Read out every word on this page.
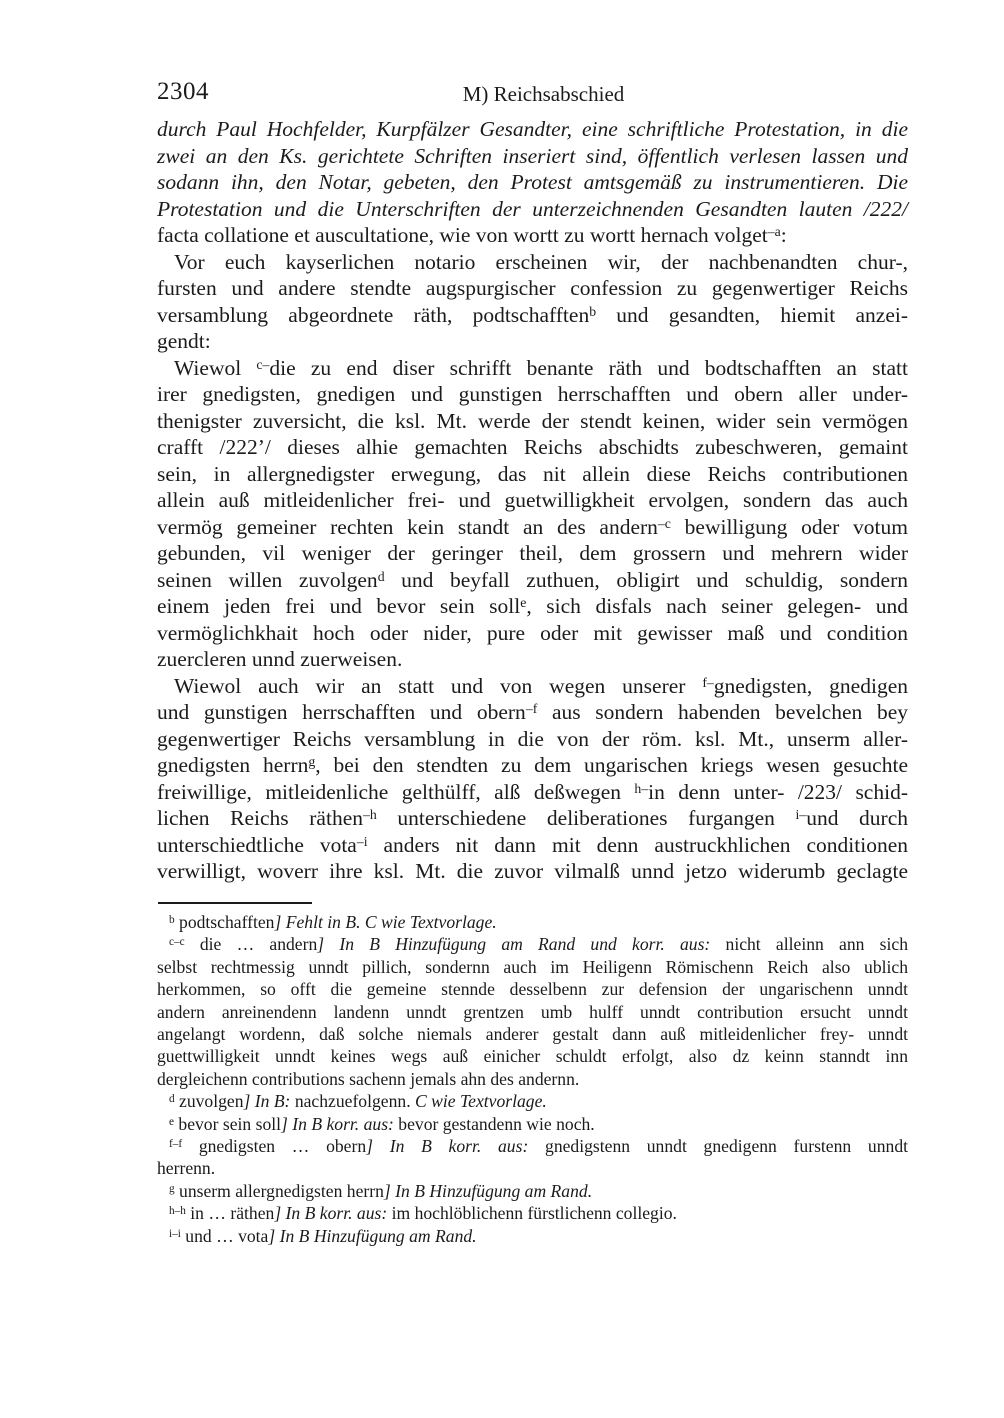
2304	M) Reichsabschied
durch Paul Hochfelder, Kurpfälzer Gesandter, eine schriftliche Protestation, in die
zwei an den Ks. gerichtete Schriften inseriert sind, öffentlich verlesen lassen und
sodann ihn, den Notar, gebeten, den Protest amtsgemäß zu instrumentieren. Die
Protestation und die Unterschriften der unterzeichnenden Gesandten lauten /222/
facta collatione et auscultatione, wie von wortt zu wortt hernach volget$^{-a}$:
Vor euch kayserlichen notario erscheinen wir, der nachbenandten chur-,
fursten und andere stendte augspurgischer confession zu gegenwertiger Reichs
versamblung abgeordnete räth, podtschafften$^b$ und gesandten, hiemit anzei-
gendt:
Wiewol $^{c-}$die zu end diser schrifft benante räth und bodtschafften an statt
irer gnedigsten, gnedigen und gunstigen herrschafften und obern aller under-
thenigster zuversicht, die ksl. Mt. werde der stendt keinen, wider sein vermögen
crafft /222’/ dieses alhie gemachten Reichs abschidts zubeschweren, gemaint
sein, in allergnedigster erwegung, das nit allein diese Reichs contributionen
allein auß mitleidenlicher frei- und guetwilligkheit ervolgen, sondern das auch
vermög gemeiner rechten kein standt an des andern$^{-c}$ bewilligung oder votum
gebunden, vil weniger der geringer theil, dem grossern und mehrern wider
seinen willen zuvolgen$^d$ und beyfall zuthuen, obligirt und schuldig, sondern
einem jeden frei und bevor sein soll$^e$, sich disfals nach seiner gelegen- und
vermöglichkhait hoch oder nider, pure oder mit gewisser maß und condition
zuercleren unnd zuerweisen.
Wiewol auch wir an statt und von wegen unserer $^{f-}$gnedigsten, gnedigen
und gunstigen herrschafften und obern$^{-f}$ aus sondern habenden bevelchen bey
gegenwertiger Reichs versamblung in die von der röm. ksl. Mt., unserm aller-
gnedigsten herrn$^g$, bei den stendten zu dem ungarischen kriegs wesen gesuchte
freiwillige, mitleidenliche gelthülff, alß deßwegen $^{h-}$in denn unter- /223/ schid-
lichen Reichs räthen$^{-h}$ unterschiedene deliberationes furgangen $^{i-}$und durch
unterschiedtliche vota$^{-i}$ anders nit dann mit denn austruckhlichen conditionen
verwilligt, woverr ihre ksl. Mt. die zuvor vilmalß unnd jetzo widerumb geclagte
$^b$ podtschafften] Fehlt in B. C wie Textvorlage.
$^{c-c}$ die … andern] In B Hinzufügung am Rand und korr. aus: nicht alleinn ann sich
selbst rechtmessig unndt pillich, sondernn auch im Heiligenn Römischenn Reich also ublich
herkommen, so offt die gemeine stennde desselbenn zur defension der ungarischenn unndt
andern anreinendenn landenn unndt grentzen umb hulff unndt contribution ersucht unndt
angelangt wordenn, daß solche niemals anderer gestalt dann auß mitleidenlicher frey- unndt
guettwilligkeit unndt keines wegs auß einicher schuldt erfolgt, also dz keinn stanndt inn
dergleichenn contributions sachenn jemals ahn des andernn.
$^d$ zuvolgen] In B: nachzuefolgenn. C wie Textvorlage.
$^e$ bevor sein soll] In B korr. aus: bevor gestandenn wie noch.
$^{f-f}$ gnedigsten … obern] In B korr. aus: gnedigstenn unndt gnedigenn furstenn unndt
herrenn.
$^g$ unserm allergnedigsten herrn] In B Hinzufügung am Rand.
$^{h-h}$ in … räthen] In B korr. aus: im hochlöblichenn fürstlichenn collegio.
$^{i-i}$ und … vota] In B Hinzufügung am Rand.
